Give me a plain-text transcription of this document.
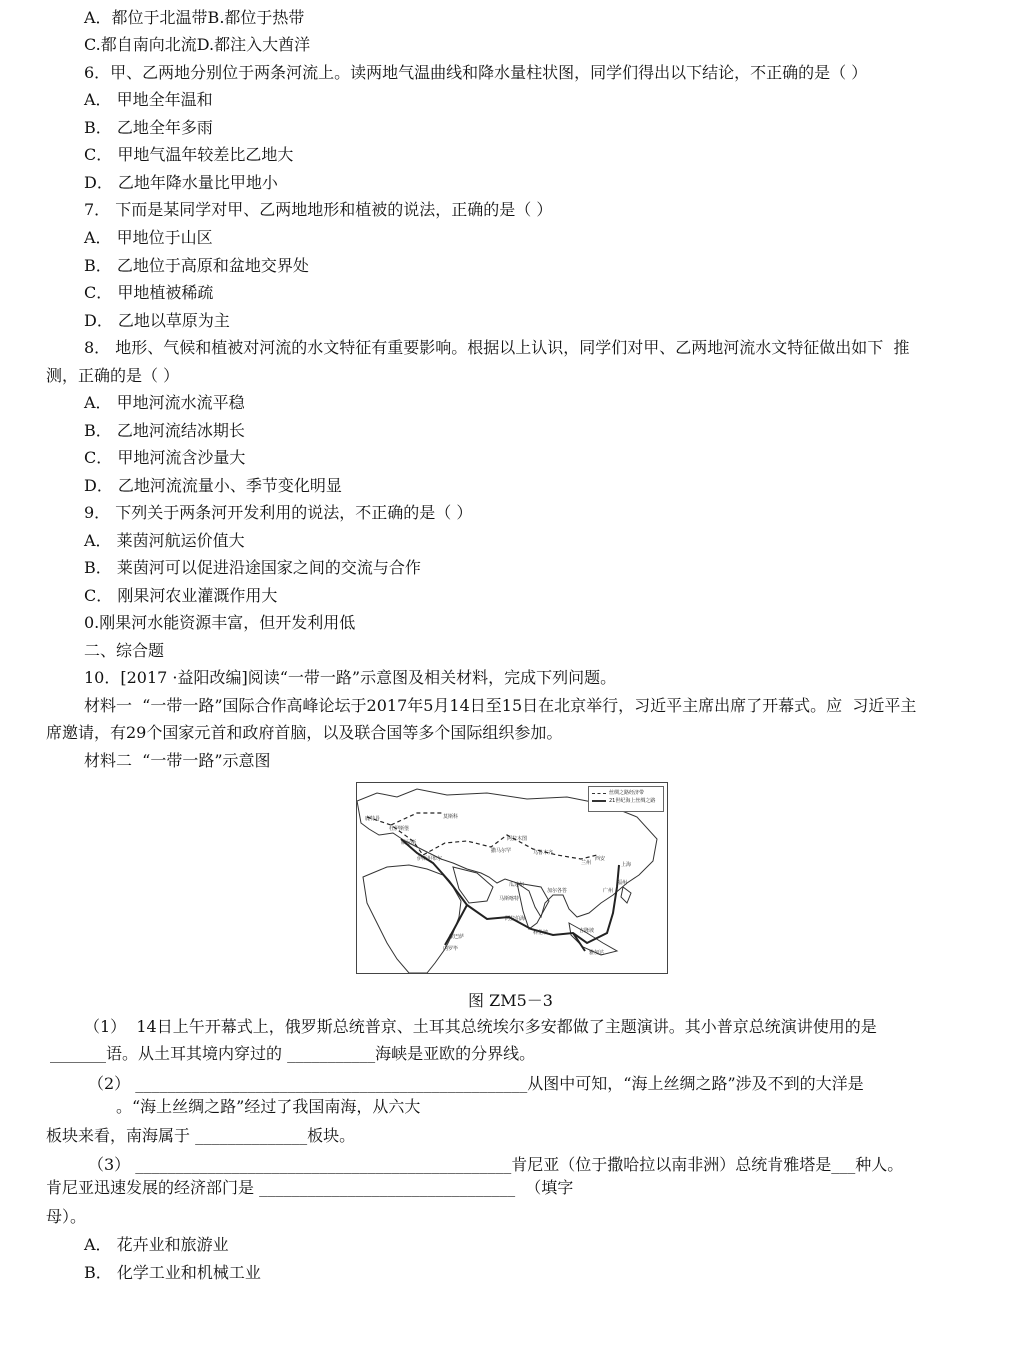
A．都位于北温带B.都位于热带
C.都自南向北流D.都注入大酋洋
6．甲、乙两地分别位于两条河流上。读两地气温曲线和降水量柱状图，同学们得出以下结论，不正确的是（ ）
A． 甲地全年温和
B． 乙地全年多雨
C． 甲地气温年较差比乙地大
D． 乙地年降水量比甲地小
7． 下而是某同学对甲、乙两地地形和植被的说法，正确的是（ ）
A． 甲地位于山区
B． 乙地位于高原和盆地交界处
C． 甲地植被稀疏
D． 乙地以草原为主
8． 地形、气候和植被对河流的水文特征有重要影响。根据以上认识，同学们对甲、乙两地河流水文特征做出如下  推
测，正确的是（ ）
A． 甲地河流水流平稳
B． 乙地河流结冰期长
C． 甲地河流含沙量大
D． 乙地河流流量小、季节变化明显
9． 下列关于两条河开发利用的说法，不正确的是（ ）
A． 莱茵河航运价值大
B． 莱茵河可以促进沿途国家之间的交流与合作
C． 刚果河农业灌溉作用大
0.刚果河水能资源丰富，但开发利用低
二、综合题
10．[2017 ·益阳改编]阅读“一带一路”示意图及相关材料，完成下列问题。
材料一  “一带一路”国际合作高峰论坛于2017年5月14日至15日在北京举行，习近平主席出席了开幕式。应  习近平主
席邀请，有29个国家元首和政府首脑，以及联合国等多个国际组织参加。
材料二  “一带一路”示意图
（1）  14日上午开幕式上，俄罗斯总统普京、土耳其总统埃尔多安都做了主题演讲。其小普京总统演讲使用的是
_______语。从土耳其境内穿过的 ___________海峡是亚欧的分界线。
（2） _________________________________________________从图中可知，“海上丝绸之路”涉及不到的大洋是
。“海上丝绸之路”经过了我国南海，从六大
板块来看，南海属于 ______________板块。
（3） _______________________________________________肯尼亚（位于撒哈拉以南非洲）总统肯雅塔是___种人。
肯尼亚迅速发展的经济部门是 ________________________________  （填字
母）。
A． 花卉业和旅游业
B． 化学工业和机械工业
丝绸之路经济带
21世纪海上丝绸之路
莫斯科
鹿特丹
杜伊斯堡
威尼斯
伊斯坦布尔
阿拉木图
撒马尔罕	乌鲁木齐
兰州
西安
上海
福州
广州
瓜达尔
加尔各答
马斯喀特
蒙巴萨
内罗毕
科伦坡
阿拉伯海
雅加达
吉隆坡
图 ZM5－3
